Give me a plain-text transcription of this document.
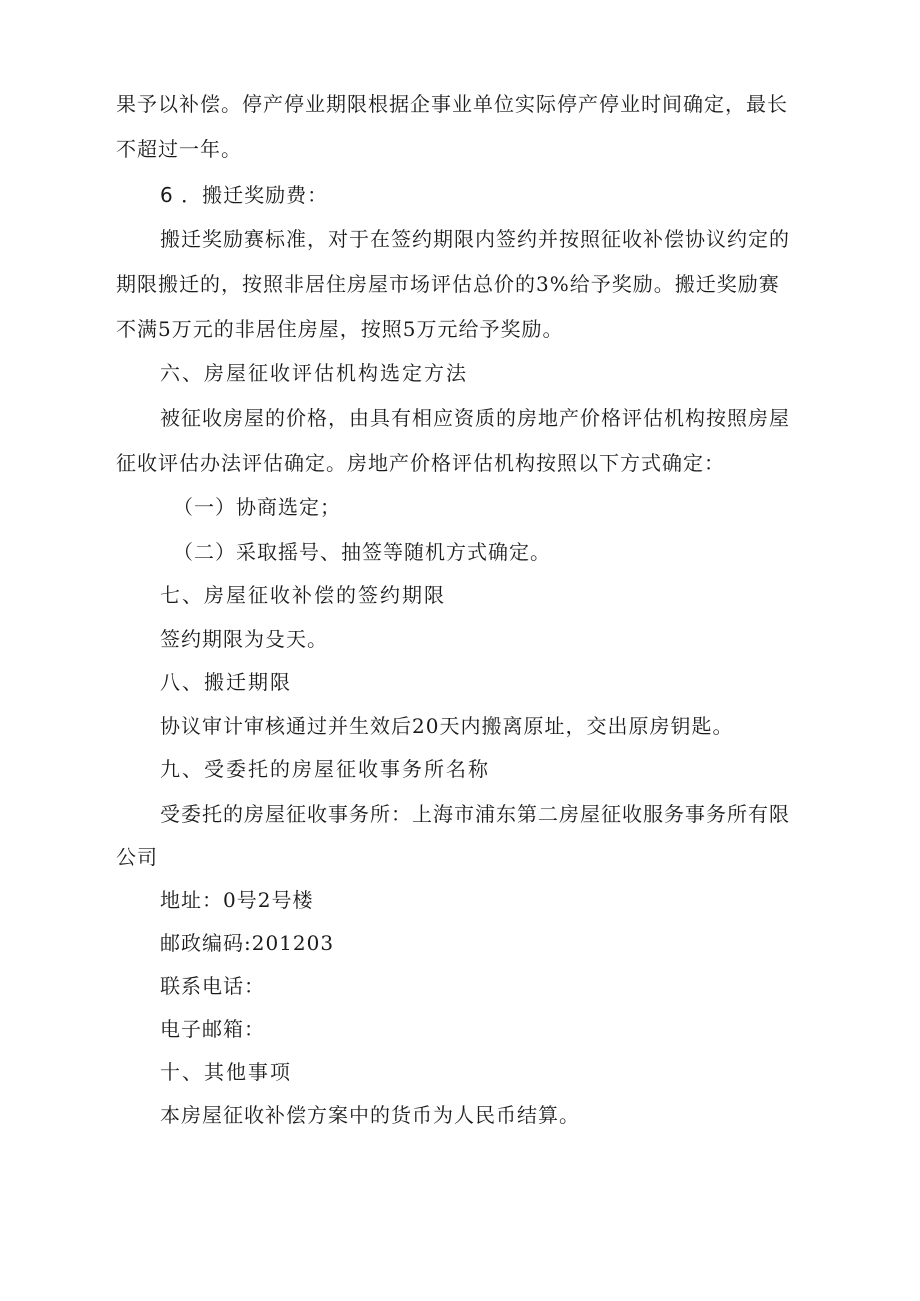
果予以补偿。停产停业期限根据企事业单位实际停产停业时间确定，最长
不超过一年。
6 ．搬迁奖励费：
搬迁奖励赛标准，对于在签约期限内签约并按照征收补偿协议约定的
期限搬迁的，按照非居住房屋市场评估总价的3%给予奖励。搬迁奖励赛
不满5万元的非居住房屋，按照5万元给予奖励。
六、房屋征收评估机构选定方法
被征收房屋的价格，由具有相应资质的房地产价格评估机构按照房屋
征收评估办法评估确定。房地产价格评估机构按照以下方式确定：
（一）协商选定；
（二）采取摇号、抽签等随机方式确定。
七、房屋征收补偿的签约期限
签约期限为殳天。
八、搬迁期限
协议审计审核通过并生效后20天内搬离原址，交出原房钥匙。
九、受委托的房屋征收事务所名称
受委托的房屋征收事务所：上海市浦东第二房屋征收服务事务所有限
公司
地址：0号2号楼
邮政编码:201203
联系电话：
电子邮箱：
十、其他事项
本房屋征收补偿方案中的货币为人民币结算。
